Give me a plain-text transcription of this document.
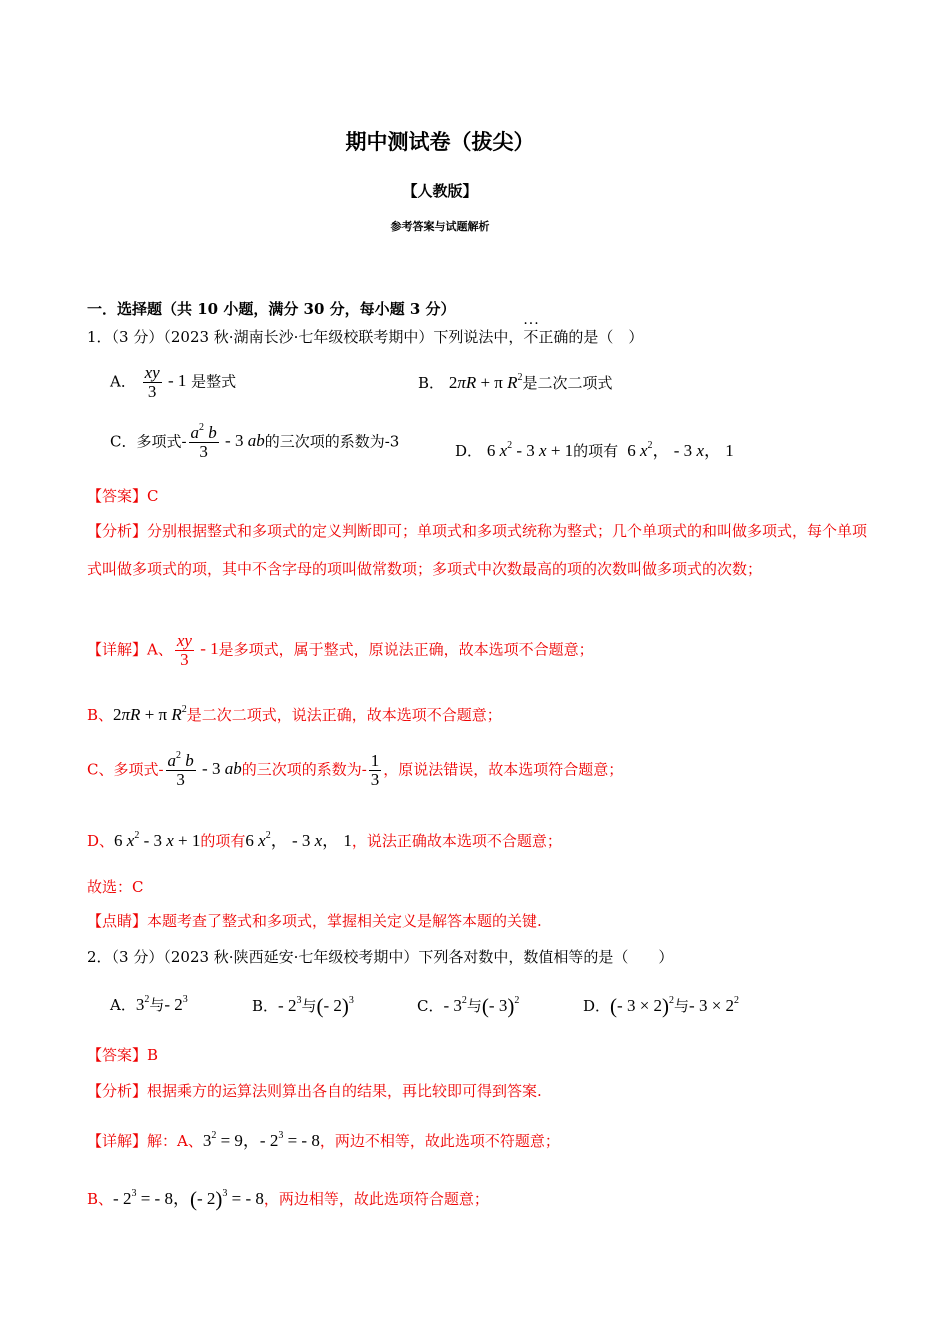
期中测试卷（拔尖）
【人教版】
参考答案与试题解析
一．选择题（共 10 小题，满分 30 分，每小题 3 分）
1．（3 分）（2023 秋·湖南长沙·七年级校联考期中）下列说法中，··· 不正确的是（　）
A． $\frac{xy}{3} - 1$ 是整式	B． 2πR + π $R^2$是二次二项式
C．多项式- $\frac{a^2 b}{3} - 3$ ab的三次项的系数为-3
D． 6 $x^2 - 3$ x + 1的项有  6 $x^2$， - 3 x， 1
【答案】C
【分析】分别根据整式和多项式的定义判断即可；单项式和多项式统称为整式；几个单项式的和叫做多项式，每个单项式叫做多项式的项，其中不含字母的项叫做常数项；多项式中次数最高的项的次数叫做多项式的次数；
【详解】A、 $\frac{xy}{3} - 1$是多项式，属于整式，原说法正确，故本选项不合题意；
B、2πR + π $R^2$是二次二项式，说法正确，故本选项不合题意；
C、多项式- $\frac{a^2 b}{3} - 3$ ab的三次项的系数为- $\frac{1}{3}$ ，原说法错误，故本选项符合题意；
D、6 $x^2 - 3$ x + 1的项有6 $x^2$， - 3 x， 1，说法正确故本选项不合题意；
故选：C
【点睛】本题考查了整式和多项式，掌握相关定义是解答本题的关键.
2．（3 分）（2023 秋·陕西延安·七年级校考期中）下列各对数中，数值相等的是（　　）
A．$3^2$与- $2^3$	B．- $2^3$与(- 2)$^3$	C．- $3^2$与(- 3)$^2$	D．(- 3 × 2)$^2$与- $3 \times 2^2$
【答案】B
【分析】根据乘方的运算法则算出各自的结果，再比较即可得到答案.
【详解】解：A、$3^2 = 9$，- $2^3$ = - 8，两边不相等，故此选项不符题意；
B、- $2^3$ = - 8，(- 2)$^3$ = - 8，两边相等，故此选项符合题意；
